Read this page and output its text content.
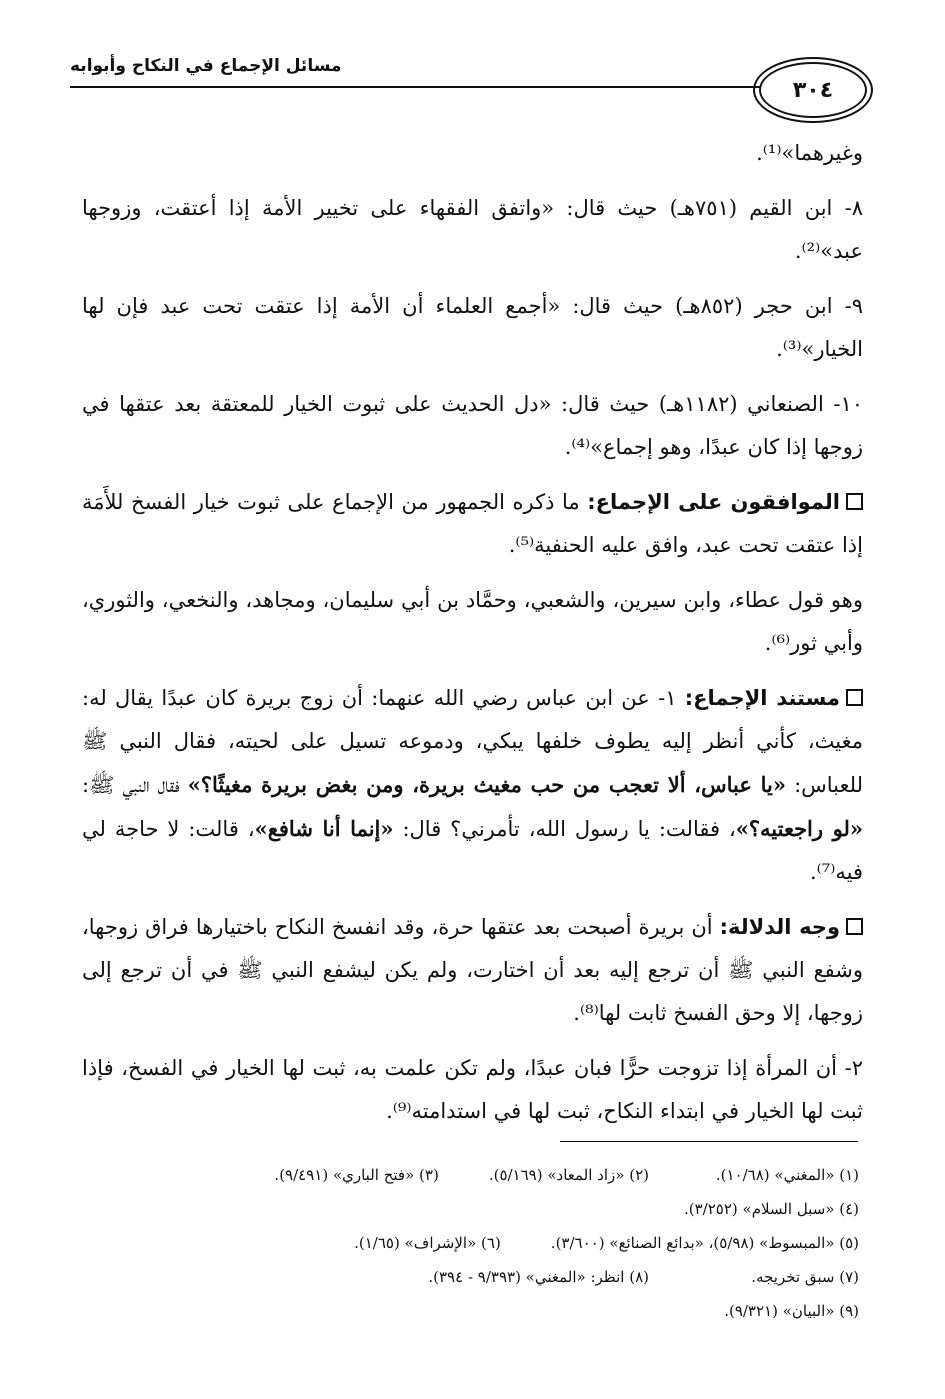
مسائل الإجماع في النكاح وأبوابه
٣٠٤

وغيرهما»⁽¹⁾.

٨- ابن القيم (٧٥١هـ) حيث قال: «واتفق الفقهاء على تخيير الأمة إذا أعتقت، وزوجها عبد»⁽²⁾.

٩- ابن حجر (٨٥٢هـ) حيث قال: «أجمع العلماء أن الأمة إذا عتقت تحت عبد فإن لها الخيار»⁽³⁾.

١٠- الصنعاني (١١٨٢هـ) حيث قال: «دل الحديث على ثبوت الخيار للمعتقة بعد عتقها في زوجها إذا كان عبدًا، وهو إجماع»⁽⁴⁾.

الموافقون على الإجماع: ما ذكره الجمهور من الإجماع على ثبوت خيار الفسخ للأَمَة إذا عتقت تحت عبد، وافق عليه الحنفية⁽⁵⁾.

وهو قول عطاء، وابن سيرين، والشعبي، وحمَّاد بن أبي سليمان، ومجاهد، والنخعي، والثوري، وأبي ثور⁽⁶⁾.

مستند الإجماع: ١- عن ابن عباس رضي الله عنهما: أن زوج بريرة كان عبدًا يقال له: مغيث، كأني أنظر إليه يطوف خلفها يبكي، ودموعه تسيل على لحيته، فقال النبي ﷺ للعباس: «يا عباس، ألا تعجب من حب مغيث بريرة، ومن بغض بريرة مغيثًا؟» فقال النبي ﷺ: «لو راجعتيه؟»، فقالت: يا رسول الله، تأمرني؟ قال: «إنما أنا شافع»، قالت: لا حاجة لي فيه⁽⁷⁾.

وجه الدلالة: أن بريرة أصبحت بعد عتقها حرة، وقد انفسخ النكاح باختيارها فراق زوجها، وشفع النبي ﷺ أن ترجع إليه بعد أن اختارت، ولم يكن ليشفع النبي ﷺ في أن ترجع إلى زوجها، إلا وحق الفسخ ثابت لها⁽⁸⁾.

٢- أن المرأة إذا تزوجت حرًّا فبان عبدًا، ولم تكن علمت به، ثبت لها الخيار في الفسخ، فإذا ثبت لها الخيار في ابتداء النكاح، ثبت لها في استدامته⁽⁹⁾.

(١) «المغني» (١٠/٦٨).
(٢) «زاد المعاد» (٥/١٦٩).
(٣) «فتح الباري» (٩/٤٩١).
(٤) «سبل السلام» (٣/٢٥٢).
(٥) «المبسوط» (٥/٩٨)، «بدائع الصنائع» (٣/٦٠٠).
(٦) «الإشراف» (١/٦٥).
(٧) سبق تخريجه.
(٨) انظر: «المغني» (٩/٣٩٣ - ٣٩٤).
(٩) «البيان» (٩/٣٢١).
